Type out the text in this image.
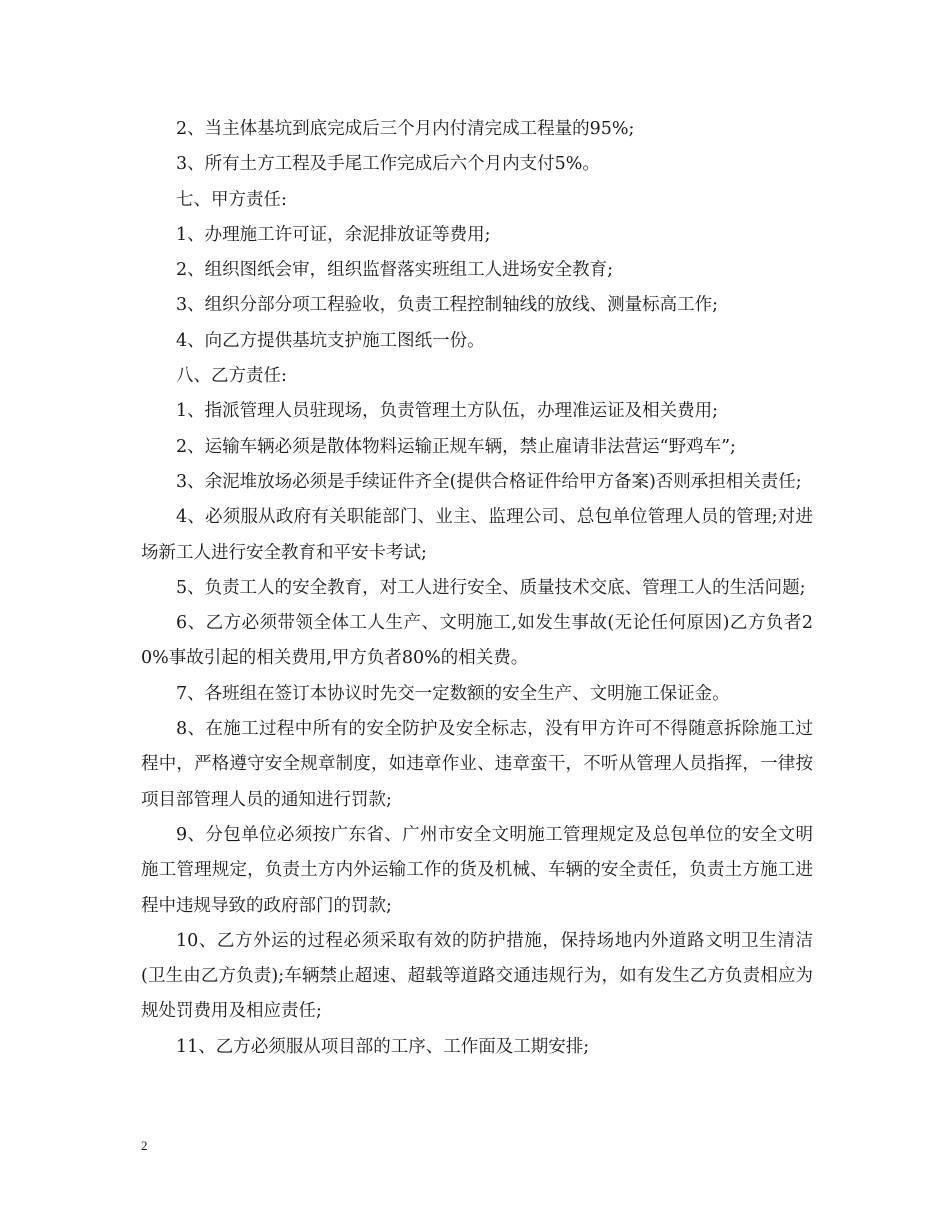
2、当主体基坑到底完成后三个月内付清完成工程量的95%;

3、所有土方工程及手尾工作完成后六个月内支付5%。

七、甲方责任:

1、办理施工许可证，余泥排放证等费用;

2、组织图纸会审，组织监督落实班组工人进场安全教育;

3、组织分部分项工程验收，负责工程控制轴线的放线、测量标高工作;

4、向乙方提供基坑支护施工图纸一份。

八、乙方责任:

1、指派管理人员驻现场，负责管理土方队伍，办理准运证及相关费用;

2、运输车辆必须是散体物料运输正规车辆，禁止雇请非法营运“野鸡车”;

3、余泥堆放场必须是手续证件齐全(提供合格证件给甲方备案)否则承担相关责任;

4、必须服从政府有关职能部门、业主、监理公司、总包单位管理人员的管理;对进场新工人进行安全教育和平安卡考试;

5、负责工人的安全教育，对工人进行安全、质量技术交底、管理工人的生活问题;

6、乙方必须带领全体工人生产、文明施工,如发生事故(无论任何原因)乙方负者20%事故引起的相关费用,甲方负者80%的相关费。

7、各班组在签订本协议时先交一定数额的安全生产、文明施工保证金。

8、在施工过程中所有的安全防护及安全标志，没有甲方许可不得随意拆除施工过程中，严格遵守安全规章制度，如违章作业、违章蛮干，不听从管理人员指挥，一律按项目部管理人员的通知进行罚款;

9、分包单位必须按广东省、广州市安全文明施工管理规定及总包单位的安全文明施工管理规定，负责土方内外运输工作的货及机械、车辆的安全责任，负责土方施工进程中违规导致的政府部门的罚款;

10、乙方外运的过程必须采取有效的防护措施，保持场地内外道路文明卫生清洁(卫生由乙方负责);车辆禁止超速、超载等道路交通违规行为，如有发生乙方负责相应为规处罚费用及相应责任;

11、乙方必须服从项目部的工序、工作面及工期安排;

2
